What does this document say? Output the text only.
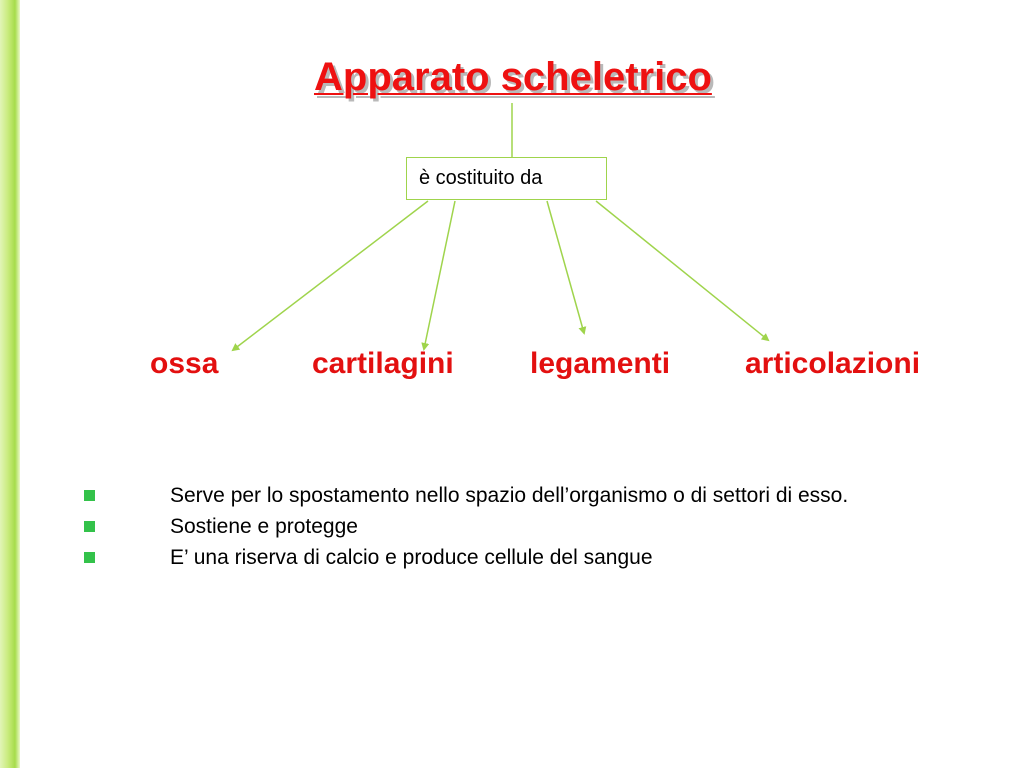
Apparato scheletrico
è costituito da
ossa	cartilagini	legamenti articolazioni
Serve per lo spostamento nello spazio dell’organismo o di settori di esso.
Sostiene e protegge
E’ una riserva di calcio e produce cellule del sangue
